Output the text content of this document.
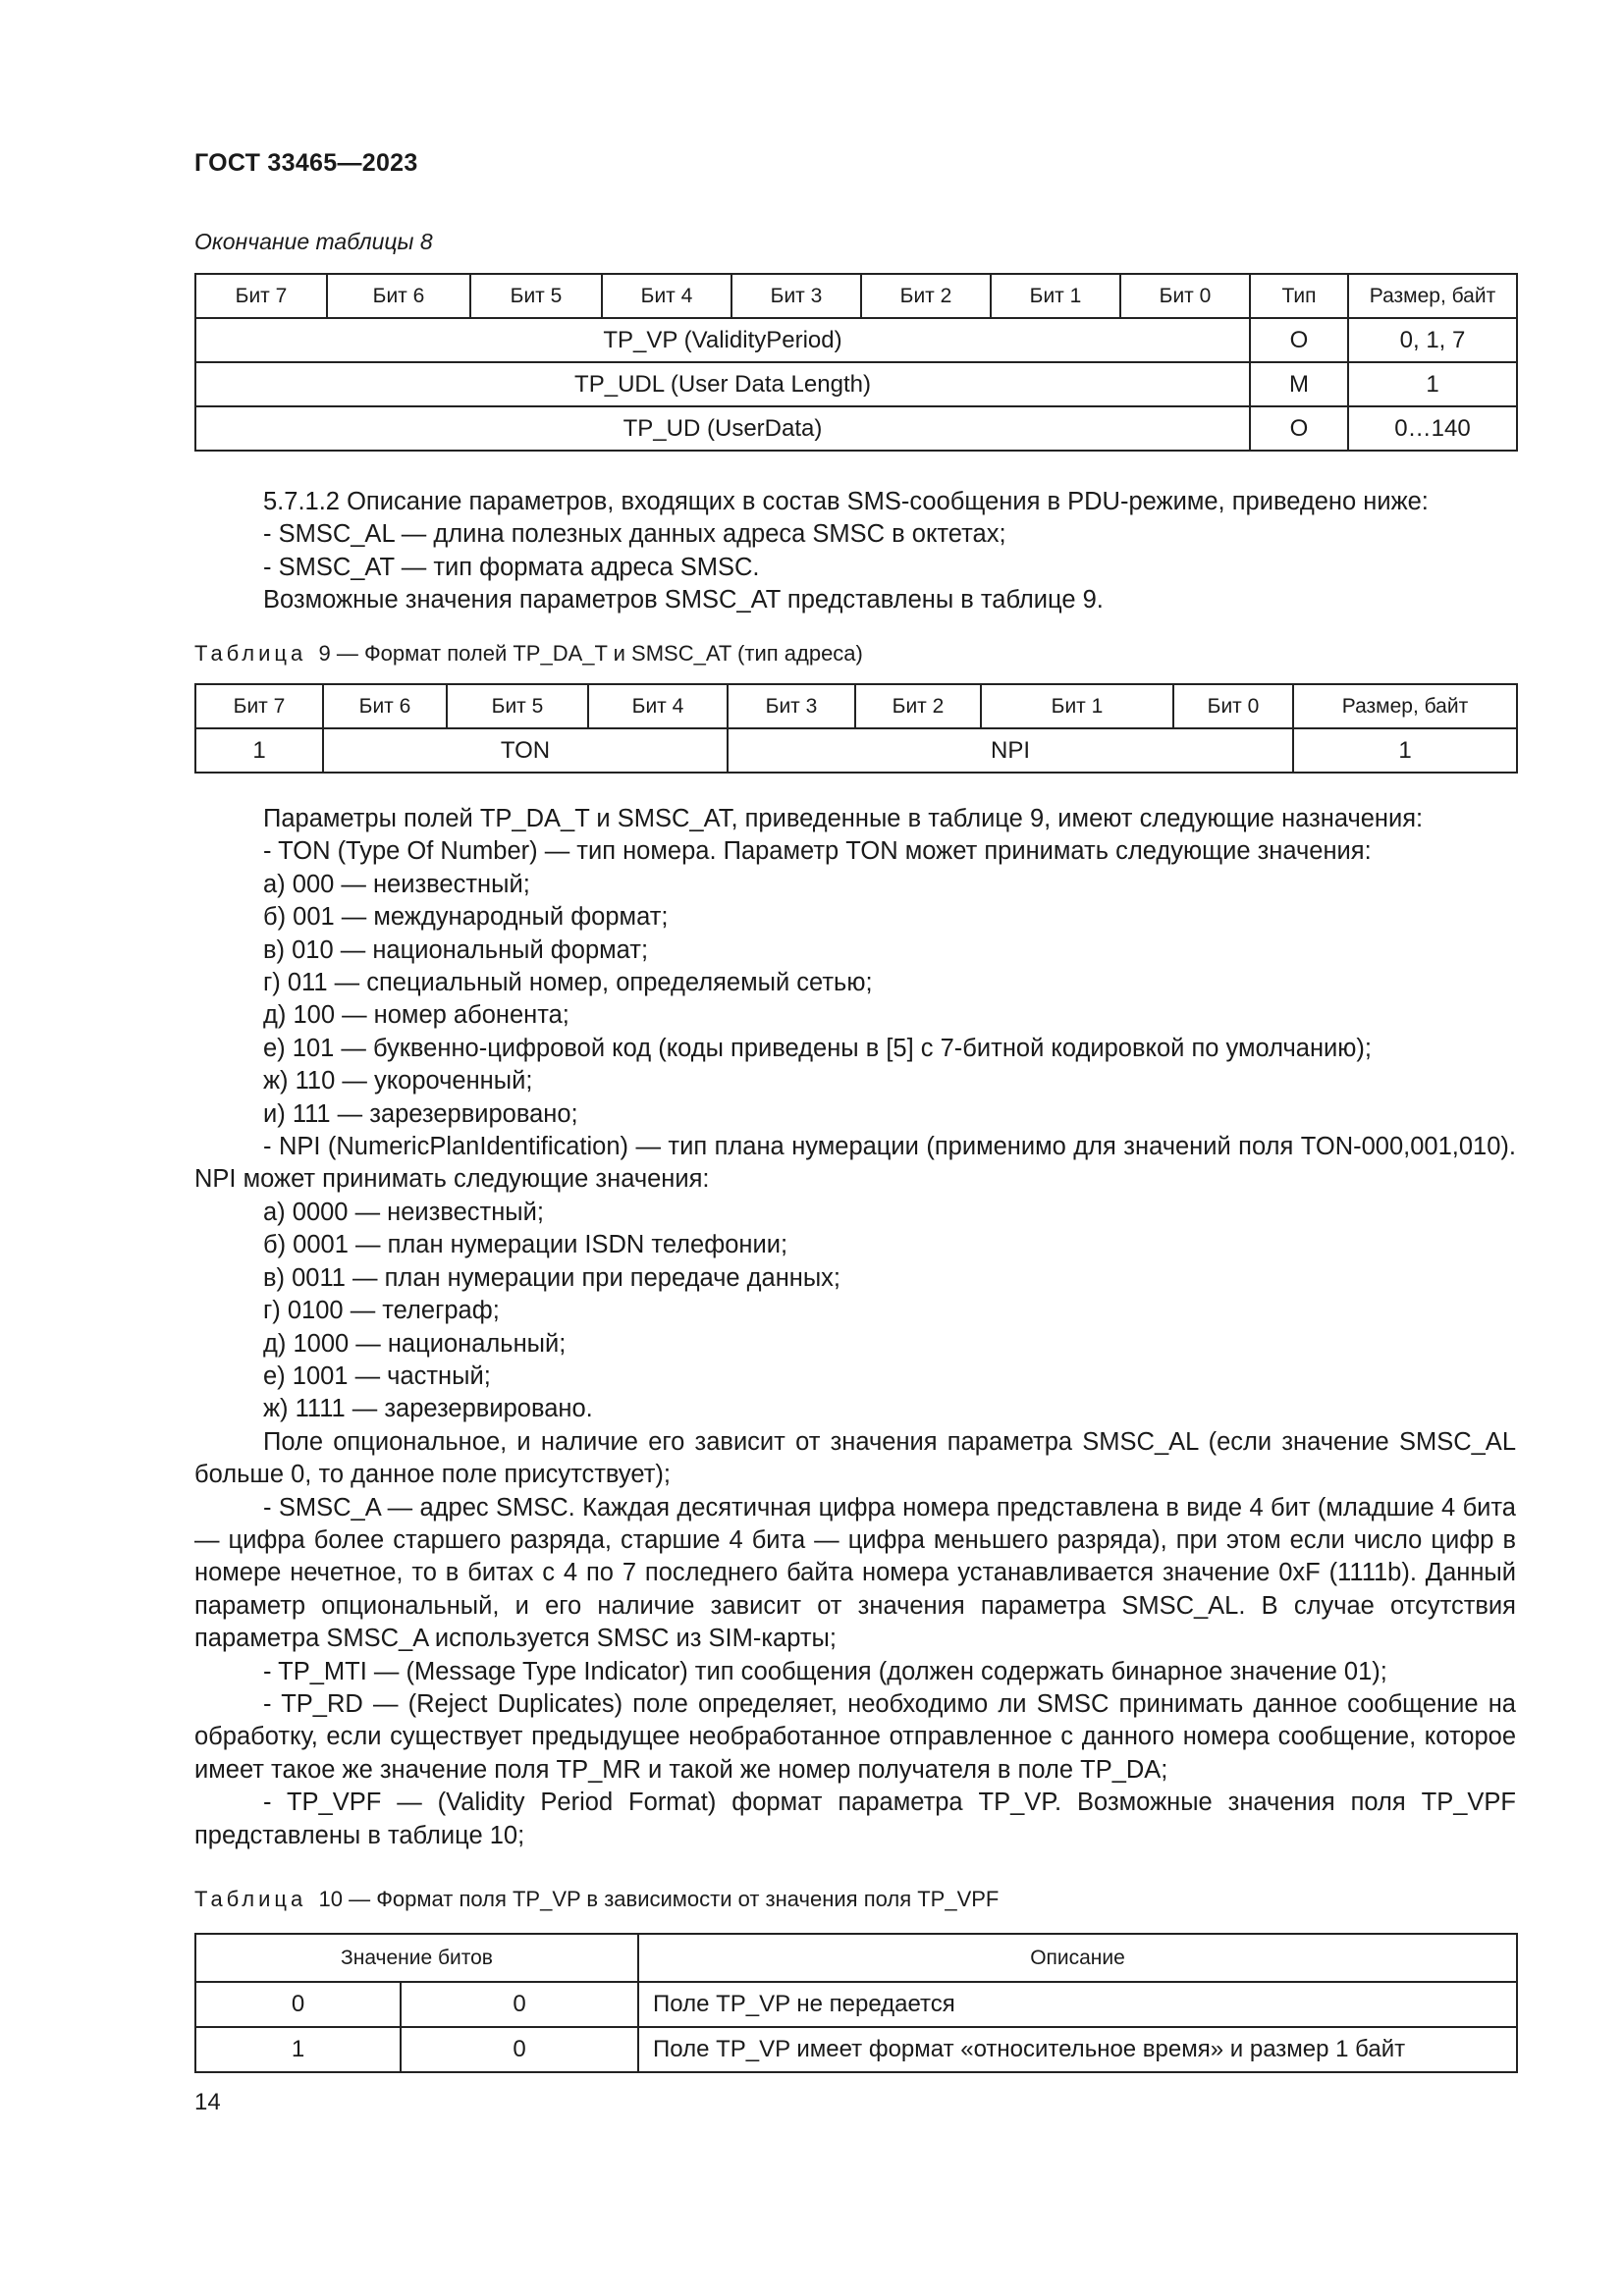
ГОСТ 33465—2023
Окончание таблицы 8
Бит 7	Бит 6	Бит 5	Бит 4	Бит 3	Бит 2	Бит 1	Бит 0	Тип	Размер, байт
TP_VP (ValidityPeriod)								O	0, 1, 7
TP_UDL (User Data Length)								M	1
TP_UD (UserData)								O	0…140

5.7.1.2 Описание параметров, входящих в состав SMS-сообщения в PDU-режиме, приведено ниже:

- SMSC_AL — длина полезных данных адреса SMSC в октетах;

- SMSC_AT — тип формата адреса SMSC.

Возможные значения параметров SMSC_AT представлены в таблице 9.

Таблица 9 — Формат полей TP_DA_T и SMSC_AT (тип адреса)
Бит 7	Бит 6	Бит 5	Бит 4	Бит 3	Бит 2	Бит 1	Бит 0	Размер, байт
1	TON			NPI				1

Параметры полей TP_DA_T и SMSC_AT, приведенные в таблице 9, имеют следующие назначения:

- TON (Type Of Number) — тип номера. Параметр TON может принимать следующие значения:

а) 000 — неизвестный;

б) 001 — международный формат;

в) 010 — национальный формат;

г) 011 — специальный номер, определяемый сетью;

д) 100 — номер абонента;

е) 101 — буквенно-цифровой код (коды приведены в [5] с 7-битной кодировкой по умолчанию);

ж) 110 — укороченный;

и) 111 — зарезервировано;

- NPI (NumericPlanIdentification) — тип плана нумерации (применимо для значений поля TON-000,001,010). NPI может принимать следующие значения:

а) 0000 — неизвестный;

б) 0001 — план нумерации ISDN телефонии;

в) 0011 — план нумерации при передаче данных;

г) 0100 — телеграф;

д) 1000 — национальный;

е) 1001 — частный;

ж) 1111 — зарезервировано.

Поле опциональное, и наличие его зависит от значения параметра SMSC_AL (если значение SMSC_AL больше 0, то данное поле присутствует);

- SMSC_A — адрес SMSC. Каждая десятичная цифра номера представлена в виде 4 бит (младшие 4 бита — цифра более старшего разряда, старшие 4 бита — цифра меньшего разряда), при этом если число цифр в номере нечетное, то в битах с 4 по 7 последнего байта номера устанавливается значение 0xF (1111b). Данный параметр опциональный, и его наличие зависит от значения параметра SMSC_AL. В случае отсутствия параметра SMSC_A используется SMSC из SIM-карты;

- TP_MTI — (Message Type Indicator) тип сообщения (должен содержать бинарное значение 01);

- TP_RD — (Reject Duplicates) поле определяет, необходимо ли SMSC принимать данное сообщение на обработку, если существует предыдущее необработанное отправленное с данного номера сообщение, которое имеет такое же значение поля TP_MR и такой же номер получателя в поле TP_DA;

- TP_VPF — (Validity Period Format) формат параметра TP_VP. Возможные значения поля TP_VPF представлены в таблице 10;

Таблица 10 — Формат поля TP_VP в зависимости от значения поля TP_VPF
Значение битов		Описание
0	0	Поле TP_VP не передается
1	0	Поле TP_VP имеет формат «относительное время» и размер 1 байт
14
